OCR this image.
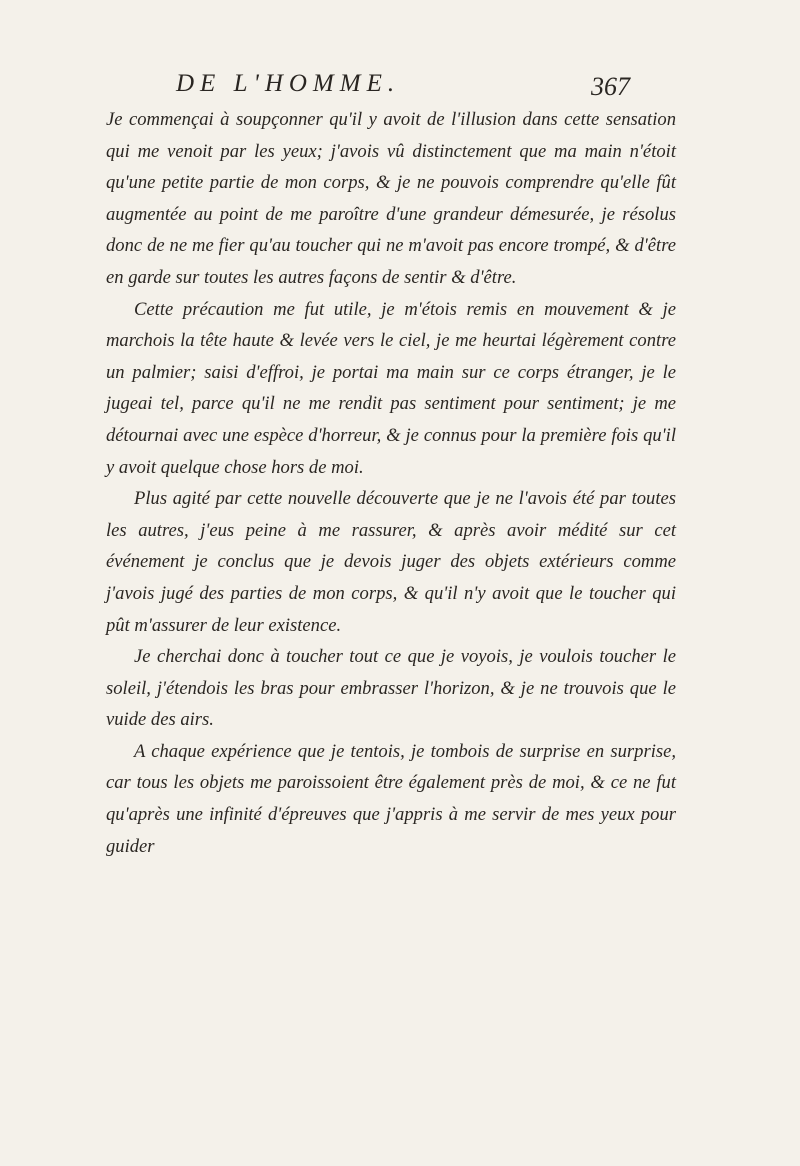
DE L'HOMME.	367

Je commençai à soupçonner qu'il y avoit de l'illusion dans cette sensation qui me venoit par les yeux; j'avois vû distinctement que ma main n'étoit qu'une petite partie de mon corps, & je ne pouvois comprendre qu'elle fût augmentée au point de me paroître d'une grandeur démesurée, je résolus donc de ne me fier qu'au toucher qui ne m'avoit pas encore trompé, & d'être en garde sur toutes les autres façons de sentir & d'être.

Cette précaution me fut utile, je m'étois remis en mouvement & je marchois la tête haute & levée vers le ciel, je me heurtai légèrement contre un palmier; saisi d'effroi, je portai ma main sur ce corps étranger, je le jugeai tel, parce qu'il ne me rendit pas sentiment pour sentiment; je me détournai avec une espèce d'horreur, & je connus pour la première fois qu'il y avoit quelque chose hors de moi.

Plus agité par cette nouvelle découverte que je ne l'avois été par toutes les autres, j'eus peine à me rassurer, & après avoir médité sur cet événement je conclus que je devois juger des objets extérieurs comme j'avois jugé des parties de mon corps, & qu'il n'y avoit que le toucher qui pût m'assurer de leur existence.

Je cherchai donc à toucher tout ce que je voyois, je voulois toucher le soleil, j'étendois les bras pour embrasser l'horizon, & je ne trouvois que le vuide des airs.

A chaque expérience que je tentois, je tombois de surprise en surprise, car tous les objets me paroissoient être également près de moi, & ce ne fut qu'après une infinité d'épreuves que j'appris à me servir de mes yeux pour guider
